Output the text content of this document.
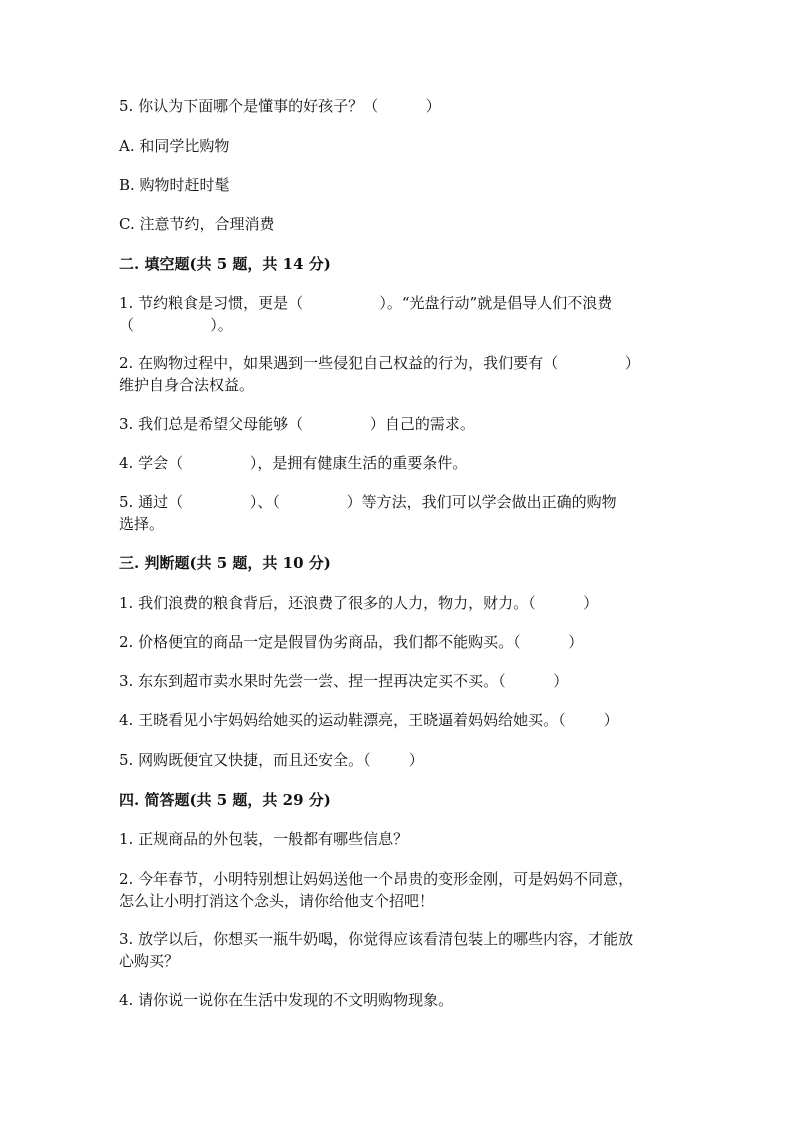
5. 你认为下面哪个是懂事的好孩子？（          ）
A. 和同学比购物
B. 购物时赶时髦
C. 注意节约，合理消费
二. 填空题(共 5 题，共 14 分)
1. 节约粮食是习惯，更是（                ）。“光盘行动”就是倡导人们不浪费
（                ）。
2. 在购物过程中，如果遇到一些侵犯自己权益的行为，我们要有（              ）
维护自身合法权益。
3. 我们总是希望父母能够（              ）自己的需求。
4. 学会（              ），是拥有健康生活的重要条件。
5. 通过（              ）、（              ）等方法，我们可以学会做出正确的购物
选择。
三. 判断题(共 5 题，共 10 分)
1. 我们浪费的粮食背后，还浪费了很多的人力，物力，财力。（          ）
2. 价格便宜的商品一定是假冒伪劣商品，我们都不能购买。（          ）
3. 东东到超市卖水果时先尝一尝、捏一捏再决定买不买。（          ）
4. 王晓看见小宇妈妈给她买的运动鞋漂亮，王晓逼着妈妈给她买。（        ）
5. 网购既便宜又快捷，而且还安全。（        ）
四. 简答题(共 5 题，共 29 分)
1. 正规商品的外包装，一般都有哪些信息？
2. 今年春节，小明特别想让妈妈送他一个昂贵的变形金刚，可是妈妈不同意，
怎么让小明打消这个念头，请你给他支个招吧！
3. 放学以后，你想买一瓶牛奶喝，你觉得应该看清包装上的哪些内容，才能放
心购买？
4. 请你说一说你在生活中发现的不文明购物现象。
